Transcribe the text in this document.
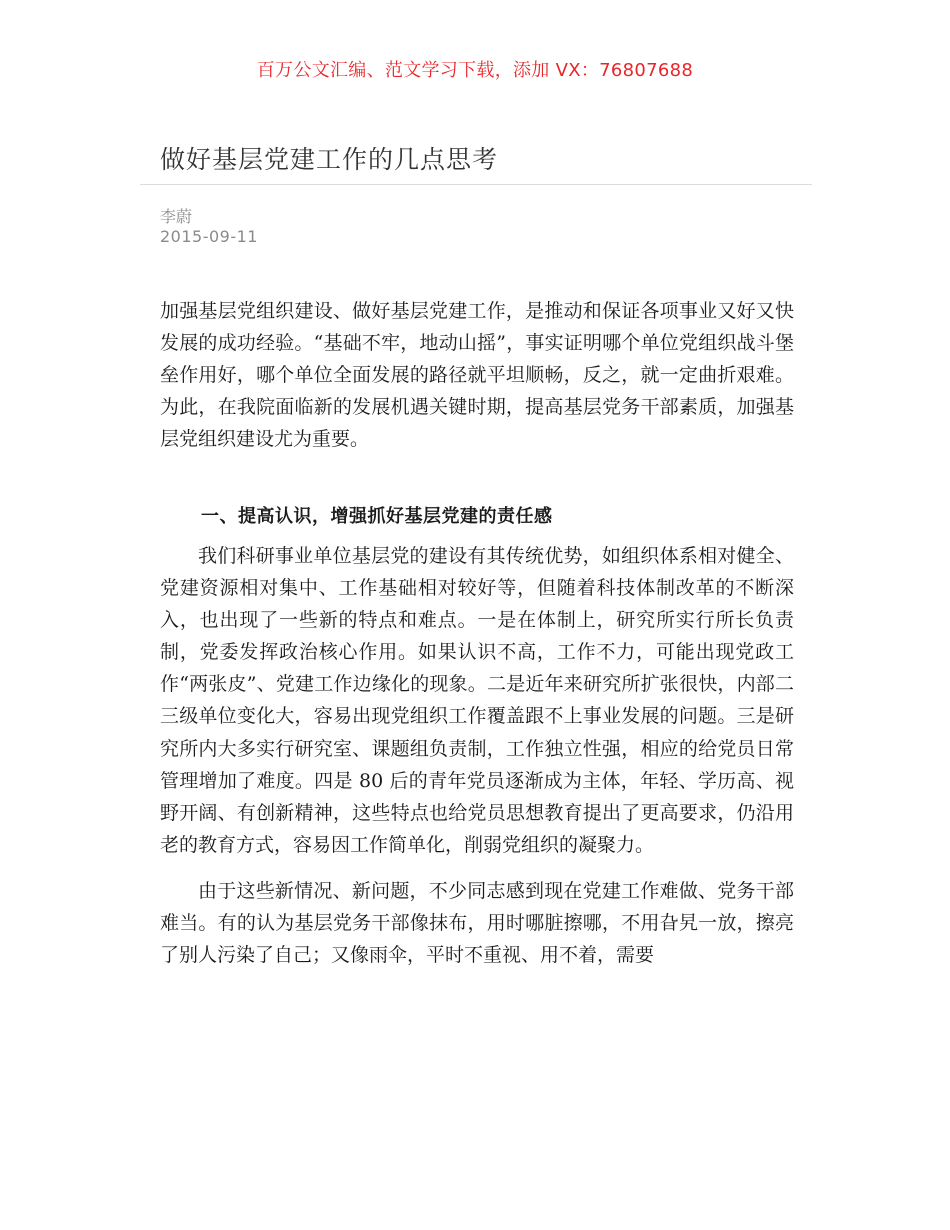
百万公文汇编、范文学习下载，添加 VX：76807688
做好基层党建工作的几点思考
李蔚
2015-09-11

加强基层党组织建设、做好基层党建工作，是推动和保证各项事业又好又快发展的成功经验。“基础不牢，地动山摇”，事实证明哪个单位党组织战斗堡垒作用好，哪个单位全面发展的路径就平坦顺畅，反之，就一定曲折艰难。为此，在我院面临新的发展机遇关键时期，提高基层党务干部素质，加强基层党组织建设尤为重要。

一、提高认识，增强抓好基层党建的责任感

我们科研事业单位基层党的建设有其传统优势，如组织体系相对健全、党建资源相对集中、工作基础相对较好等，但随着科技体制改革的不断深入，也出现了一些新的特点和难点。一是在体制上，研究所实行所长负责制，党委发挥政治核心作用。如果认识不高，工作不力，可能出现党政工作“两张皮”、党建工作边缘化的现象。二是近年来研究所扩张很快，内部二三级单位变化大，容易出现党组织工作覆盖跟不上事业发展的问题。三是研究所内大多实行研究室、课题组负责制，工作独立性强，相应的给党员日常管理增加了难度。四是 80 后的青年党员逐渐成为主体，年轻、学历高、视野开阔、有创新精神，这些特点也给党员思想教育提出了更高要求，仍沿用老的教育方式，容易因工作简单化，削弱党组织的凝聚力。

由于这些新情况、新问题，不少同志感到现在党建工作难做、党务干部难当。有的认为基层党务干部像抹布，用时哪脏擦哪，不用旮旯一放，擦亮了别人污染了自己；又像雨伞，平时不重视、用不着，需要
